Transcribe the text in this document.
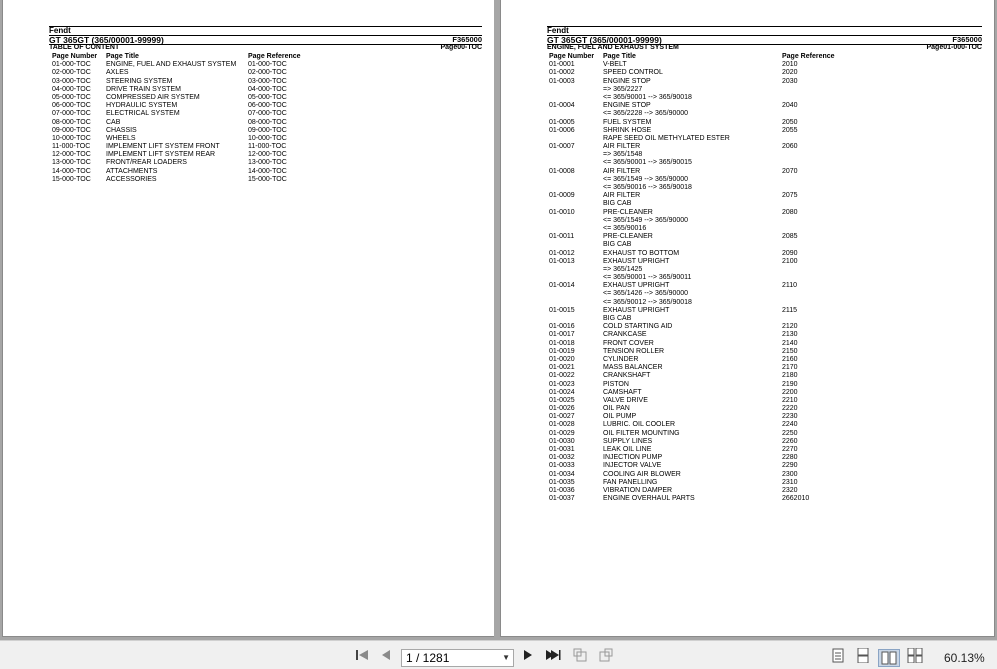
Fendt
GT 365GT (365/00001-99999)	F365000
TABLE OF CONTENT	Page00-TOC
Page Number Page Title	Page Reference
01-000-TOC ENGINE, FUEL AND EXHAUST SYSTEM 01-000-TOC
02-000-TOC AXLES	02-000-TOC
03-000-TOC STEERING SYSTEM	03-000-TOC
04-000-TOC DRIVE TRAIN SYSTEM	04-000-TOC
05-000-TOC COMPRESSED AIR SYSTEM	05-000-TOC
06-000-TOC HYDRAULIC SYSTEM	06-000-TOC
07-000-TOC ELECTRICAL SYSTEM	07-000-TOC
08-000-TOC CAB	08-000-TOC
09-000-TOC CHASSIS	09-000-TOC
10-000-TOC WHEELS	10-000-TOC
11-000-TOC IMPLEMENT LIFT SYSTEM FRONT	11-000-TOC
12-000-TOC IMPLEMENT LIFT SYSTEM REAR	12-000-TOC
13-000-TOC FRONT/REAR LOADERS	13-000-TOC
14-000-TOC ATTACHMENTS	14-000-TOC
15-000-TOC ACCESSORIES	15-000-TOC
Fendt
GT 365GT (365/00001-99999)	F365000
ENGINE, FUEL AND EXHAUST SYSTEM	Page01-000-TOC
Page Number Page Title	Page Reference
01-0001	V-BELT	2010
01-0002	SPEED CONTROL	2020
01-0003	ENGINE STOP	2030
=> 365/2227
<= 365/90001 --> 365/90018
01-0004	ENGINE STOP	2040
<= 365/2228 --> 365/90000
01-0005	FUEL SYSTEM	2050
01-0006	SHRINK HOSE	2055
RAPE SEED OIL METHYLATED ESTER
01-0007	AIR FILTER	2060
=> 365/1548
<= 365/90001 --> 365/90015
01-0008	AIR FILTER	2070
<= 365/1549 --> 365/90000
<= 365/90016 --> 365/90018
01-0009	AIR FILTER	2075
BIG CAB
01-0010	PRE-CLEANER	2080
<= 365/1549 --> 365/90000
<= 365/90016
01-0011	PRE-CLEANER	2085
BIG CAB
01-0012	EXHAUST TO BOTTOM	2090
01-0013	EXHAUST UPRIGHT	2100
=> 365/1425
<= 365/90001 --> 365/90011
01-0014	EXHAUST UPRIGHT	2110
<= 365/1426 --> 365/90000
<= 365/90012 --> 365/90018
01-0015	EXHAUST UPRIGHT	2115
BIG CAB
01-0016	COLD STARTING AID	2120
01-0017	CRANKCASE	2130
01-0018	FRONT COVER	2140
01-0019	TENSION ROLLER	2150
01-0020	CYLINDER	2160
01-0021	MASS BALANCER	2170
01-0022	CRANKSHAFT	2180
01-0023	PISTON	2190
01-0024	CAMSHAFT	2200
01-0025	VALVE DRIVE	2210
01-0026	OIL PAN	2220
01-0027	OIL PUMP	2230
01-0028	LUBRIC. OIL COOLER	2240
01-0029	OIL FILTER MOUNTING	2250
01-0030	SUPPLY LINES	2260
01-0031	LEAK OIL LINE	2270
01-0032	INJECTION PUMP	2280
01-0033	INJECTOR VALVE	2290
01-0034	COOLING AIR BLOWER	2300
01-0035	FAN PANELLING	2310
01-0036	VIBRATION DAMPER	2320
01-0037	ENGINE OVERHAUL PARTS	2662010
1 / 1281	▼	60.13%
